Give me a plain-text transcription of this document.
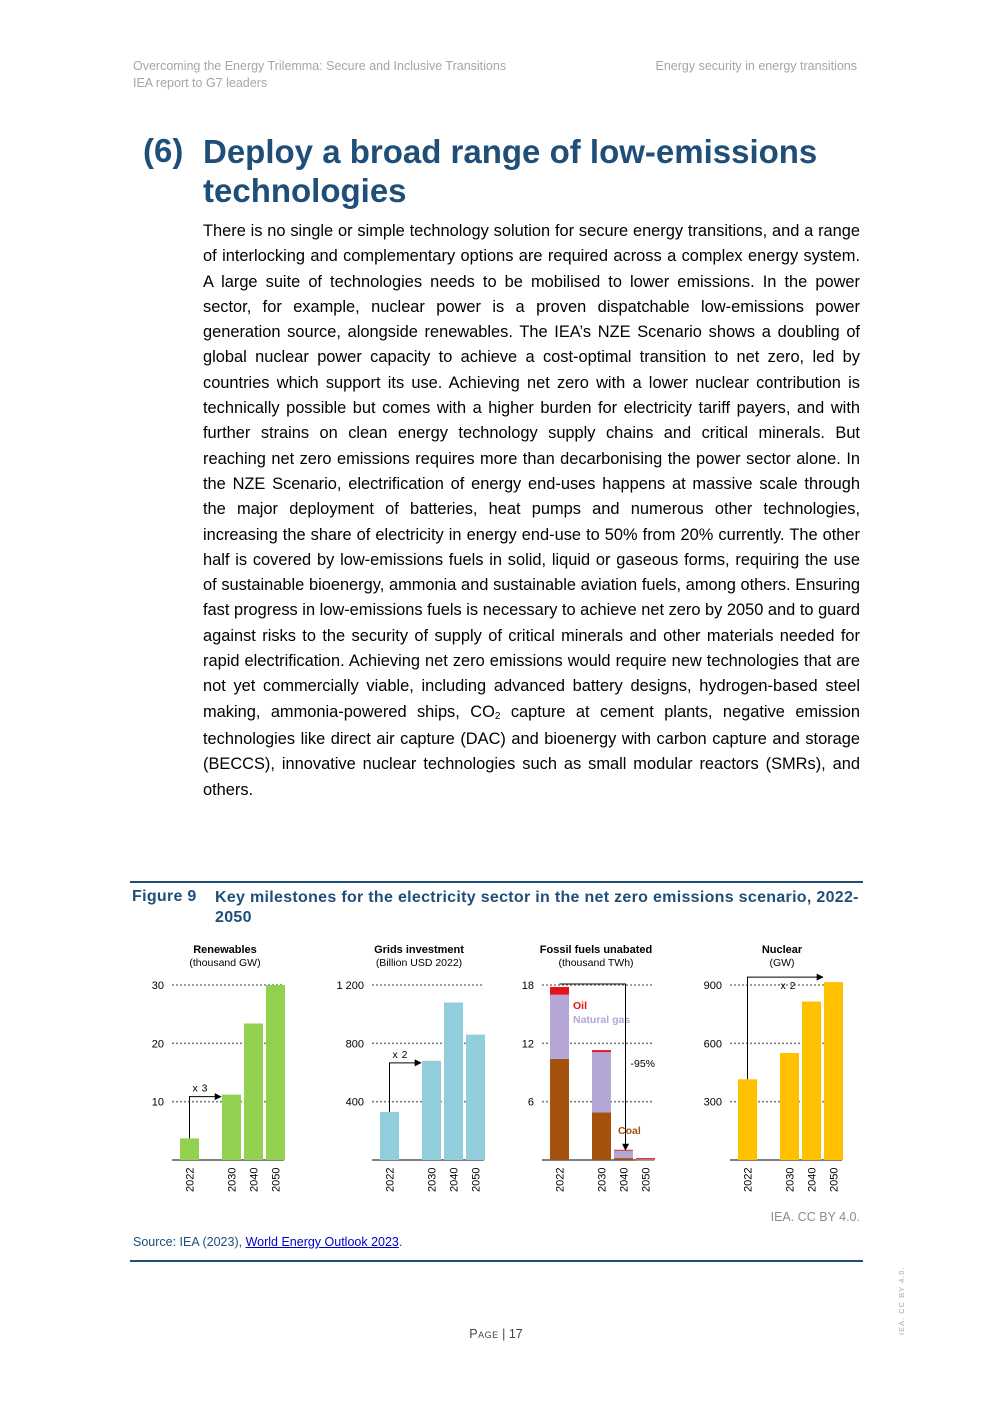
Overcoming the Energy Trilemma: Secure and Inclusive Transitions
IEA report to G7 leaders
Energy security in energy transitions
(6) Deploy a broad range of low-emissions technologies
There is no single or simple technology solution for secure energy transitions, and a range of interlocking and complementary options are required across a complex energy system. A large suite of technologies needs to be mobilised to lower emissions. In the power sector, for example, nuclear power is a proven dispatchable low-emissions power generation source, alongside renewables. The IEA’s NZE Scenario shows a doubling of global nuclear power capacity to achieve a cost-optimal transition to net zero, led by countries which support its use. Achieving net zero with a lower nuclear contribution is technically possible but comes with a higher burden for electricity tariff payers, and with further strains on clean energy technology supply chains and critical minerals. But reaching net zero emissions requires more than decarbonising the power sector alone. In the NZE Scenario, electrification of energy end-uses happens at massive scale through the major deployment of batteries, heat pumps and numerous other technologies, increasing the share of electricity in energy end-use to 50% from 20% currently. The other half is covered by low-emissions fuels in solid, liquid or gaseous forms, requiring the use of sustainable bioenergy, ammonia and sustainable aviation fuels, among others. Ensuring fast progress in low-emissions fuels is necessary to achieve net zero by 2050 and to guard against risks to the security of supply of critical minerals and other materials needed for rapid electrification. Achieving net zero emissions would require new technologies that are not yet commercially viable, including advanced battery designs, hydrogen-based steel making, ammonia-powered ships, $CO_2$ capture at cement plants, negative emission technologies like direct air capture (DAC) and bioenergy with carbon capture and storage (BECCS), innovative nuclear technologies such as small modular reactors (SMRs), and others.
Figure 9 Key milestones for the electricity sector in the net zero emissions scenario, 2022-2050
Renewables
(thousand GW)
10
20
30
x 3
2022	2030 2040 2050
Grids investment
(Billion USD 2022)
400
800
1 200
x 2
2022	2030 2040 2050
Fossil fuels unabated
(thousand TWh)
6
12
18
Coal
Natural gas
Oil
-95%
2022	2030 2040 2050
Nuclear
(GW)
300
600
900	x 2
2022	2030 2040 2050
IEA. CC BY 4.0.
Source: IEA (2023), World Energy Outlook 2023.
Page | 17	IEA. CC BY 4.0.
